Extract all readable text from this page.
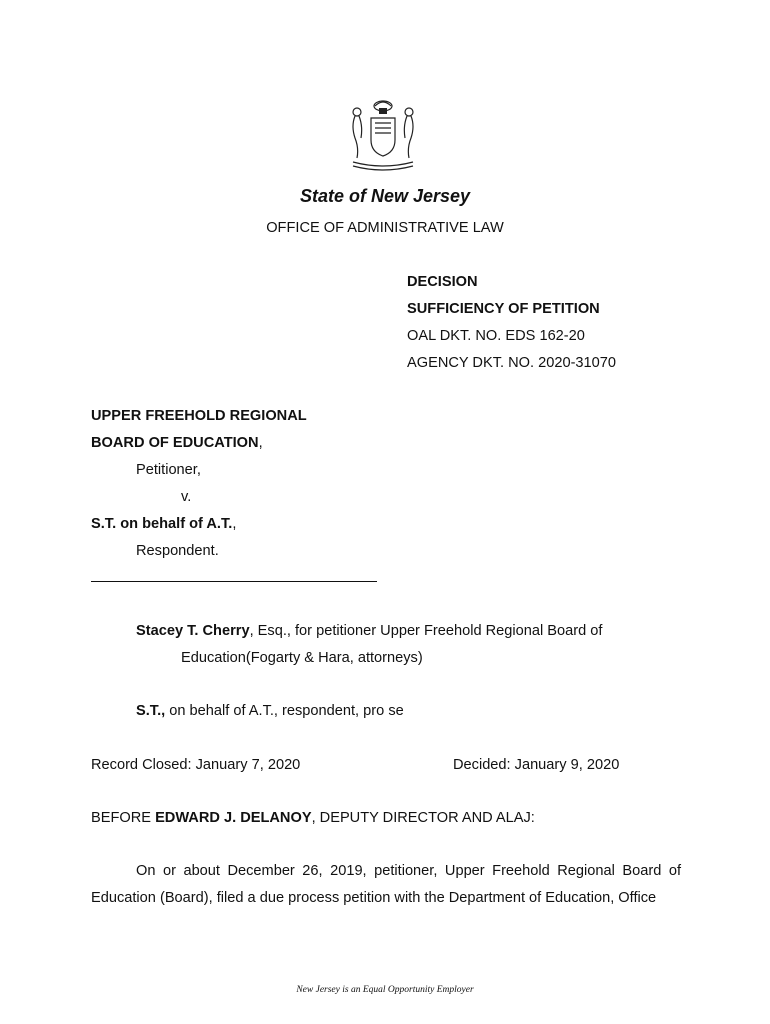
State of New Jersey
OFFICE OF ADMINISTRATIVE LAW
DECISION
SUFFICIENCY OF PETITION
OAL DKT. NO. EDS 162-20
AGENCY DKT. NO. 2020-31070
UPPER FREEHOLD REGIONAL
BOARD OF EDUCATION,
Petitioner,
v.
S.T. on behalf of A.T.,
Respondent.
Stacey T. Cherry, Esq., for petitioner Upper Freehold Regional Board of
Education(Fogarty & Hara, attorneys)
S.T., on behalf of A.T., respondent, pro se
Record Closed: January 7, 2020	Decided: January 9, 2020
BEFORE EDWARD J. DELANOY, DEPUTY DIRECTOR AND ALAJ:
On or about December 26, 2019, petitioner, Upper Freehold Regional Board of Education (Board), filed a due process petition with the Department of Education, Office
New Jersey is an Equal Opportunity Employer
